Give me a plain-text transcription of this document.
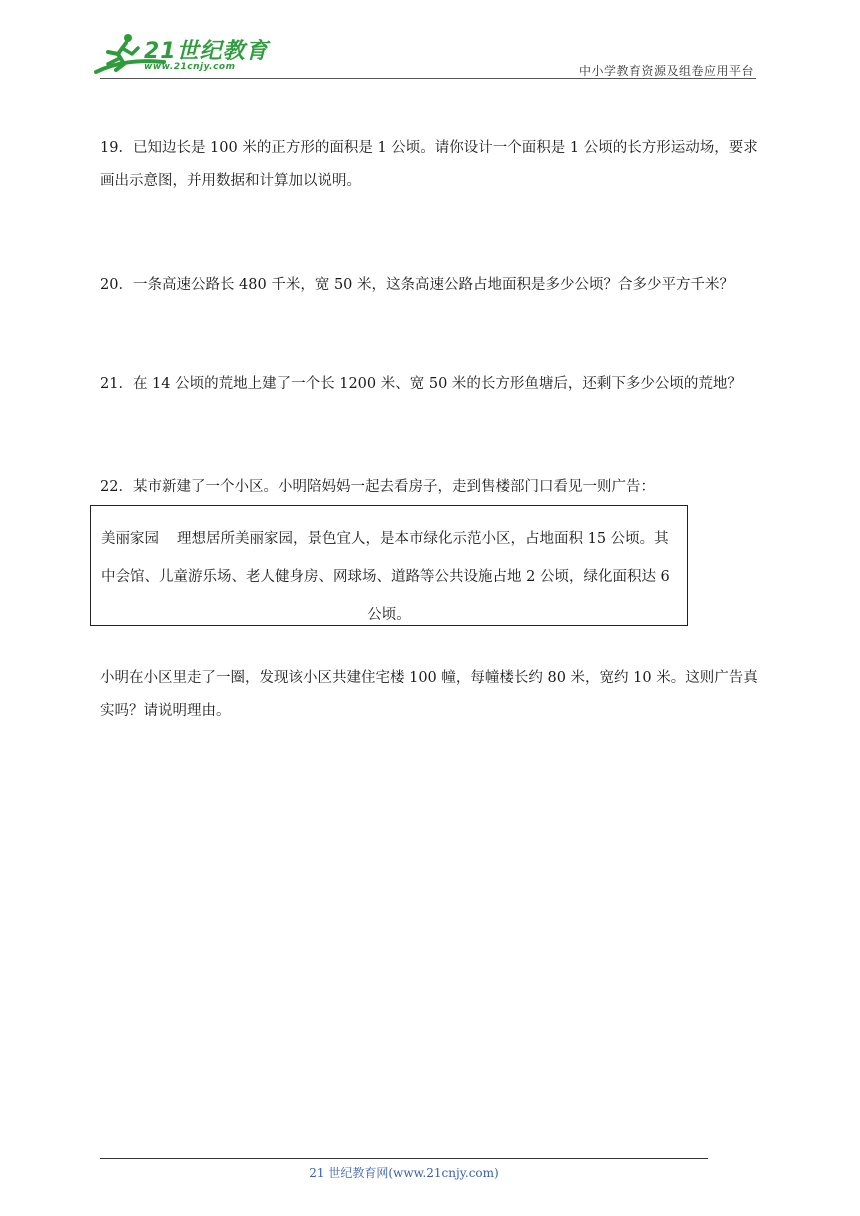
21世纪教育
www.21cnjy.com	中小学教育资源及组卷应用平台

19．已知边长是 100 米的正方形的面积是 1 公顷。请你设计一个面积是 1 公顷的长方形运动场，要求画出示意图，并用数据和计算加以说明。

20．一条高速公路长 480 千米，宽 50 米，这条高速公路占地面积是多少公顷？合多少平方千米？

21．在 14 公顷的荒地上建了一个长 1200 米、宽 50 米的长方形鱼塘后，还剩下多少公顷的荒地？

22．某市新建了一个小区。小明陪妈妈一起去看房子，走到售楼部门口看见一则广告：

美丽家园 理想居所美丽家园，景色宜人，是本市绿化示范小区，占地面积 15 公顷。其
中会馆、儿童游乐场、老人健身房、网球场、道路等公共设施占地 2 公顷，绿化面积达 6
公顷。
小明在小区里走了一圈，发现该小区共建住宅楼 100 幢，每幢楼长约 80 米，宽约 10 米。这则广告真实吗？请说明理由。
21 世纪教育网(www.21cnjy.com)
